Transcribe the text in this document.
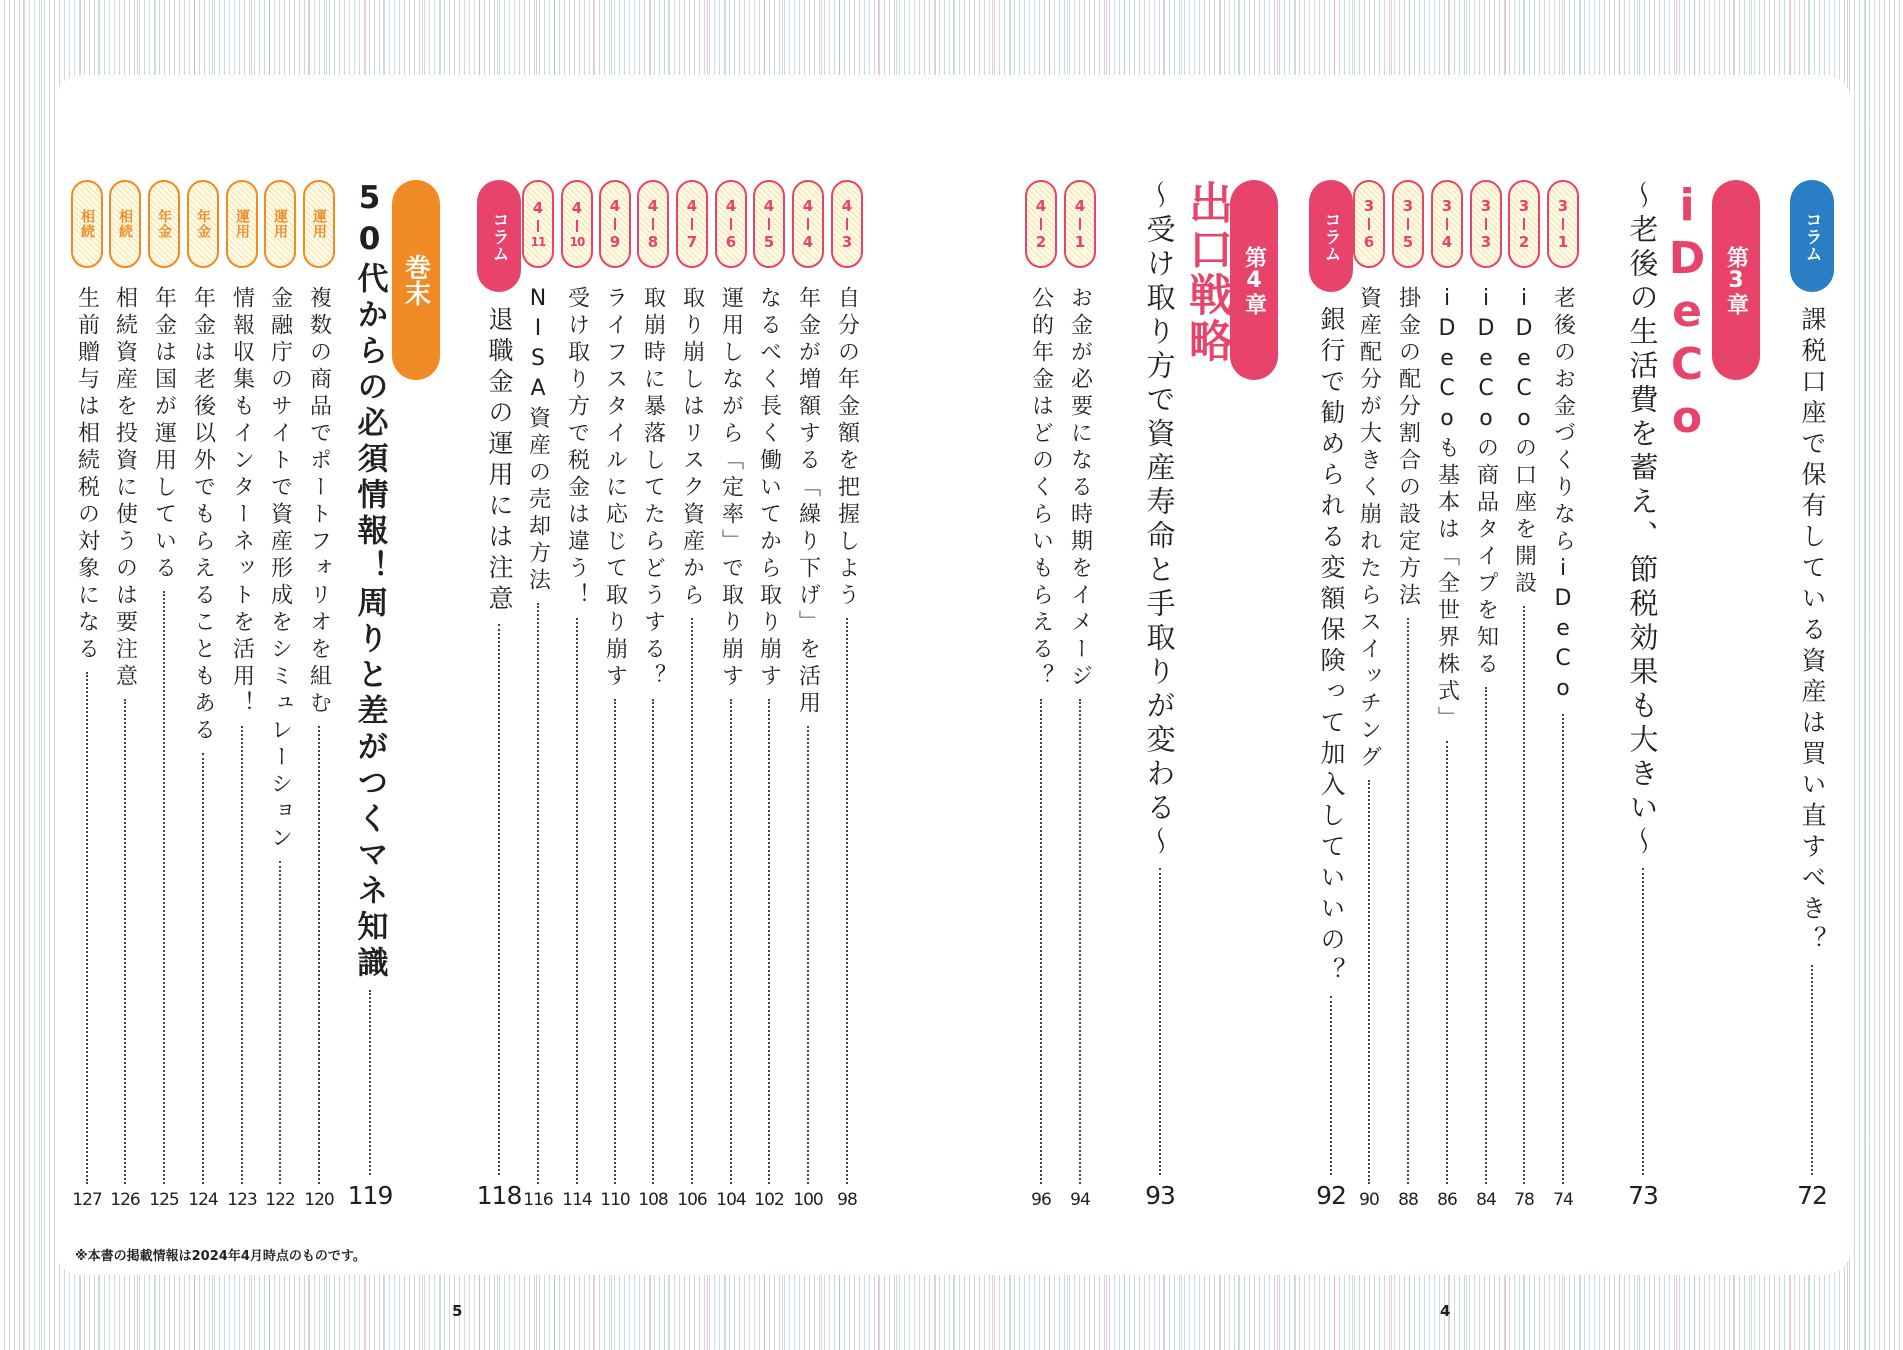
コラム
課税口座で保有している資産は買い直すべき？
72
第3章
iDeCo
～老後の生活費を蓄え、節税効果も大きい～
73
3
1
老後のお金づくりならiDeCo
74
3
2
iDeCoの口座を開設
78
3
3
iDeCoの商品タイプを知る
84
3
4
iDeCoも基本は「全世界株式」
86
3
5
掛金の配分割合の設定方法
88
3
6
資産配分が大きく崩れたらスイッチング
90
コラム
銀行で勧められる変額保険って加入していいの？
92
第4章
出口戦略
～受け取り方で資産寿命と手取りが変わる～
93
4
1
お金が必要になる時期をイメージ
94
4
2
公的年金はどのくらいもらえる？
96
4
3
自分の年金額を把握しよう
98
4
4
年金が増額する「繰り下げ」を活用
100
4
5
なるべく長く働いてから取り崩す
102
4
6
運用しながら「定率」で取り崩す
104
4
7
取り崩しはリスク資産から
106
4
8
取崩時に暴落してたらどうする？
108
4
9
ライフスタイルに応じて取り崩す
110
4
10
受け取り方で税金は違う！
114
4
11
NISA資産の売却方法
116
コラム
退職金の運用には注意
118
巻末
50代からの必須情報！周りと差がつくマネ知識
119
運用
複数の商品でポートフォリオを組む
120
運用
金融庁のサイトで資産形成をシミュレーション
122
運用
情報収集もインターネットを活用！
123
年金
年金は老後以外でもらえることもある
124
年金
年金は国が運用している
125
相続
相続資産を投資に使うのは要注意
126
相続
生前贈与は相続税の対象になる
127
※本書の掲載情報は2024年4月時点のものです。
5	4
